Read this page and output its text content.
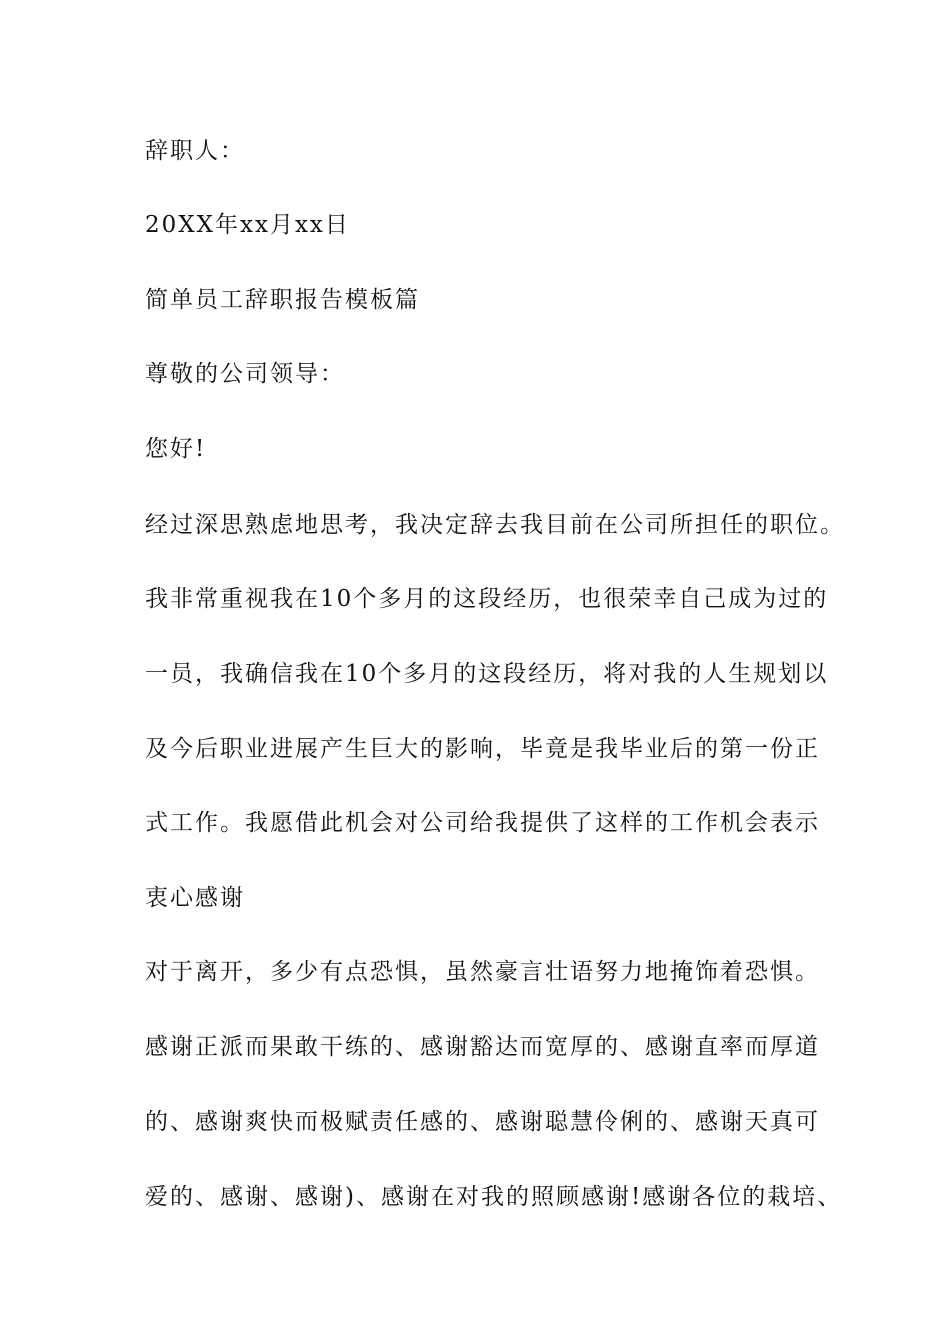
辞职人：
20XX年xx月xx日
简单员工辞职报告模板篇
尊敬的公司领导：
您好!
经过深思熟虑地思考，我决定辞去我目前在公司所担任的职位。
我非常重视我在10个多月的这段经历，也很荣幸自己成为过的
一员，我确信我在10个多月的这段经历，将对我的人生规划以
及今后职业进展产生巨大的影响，毕竟是我毕业后的第一份正
式工作。我愿借此机会对公司给我提供了这样的工作机会表示
衷心感谢
对于离开，多少有点恐惧，虽然豪言壮语努力地掩饰着恐惧。
感谢正派而果敢干练的、感谢豁达而宽厚的、感谢直率而厚道
的、感谢爽快而极赋责任感的、感谢聪慧伶俐的、感谢天真可
爱的、感谢、感谢)、感谢在对我的照顾感谢!感谢各位的栽培、
